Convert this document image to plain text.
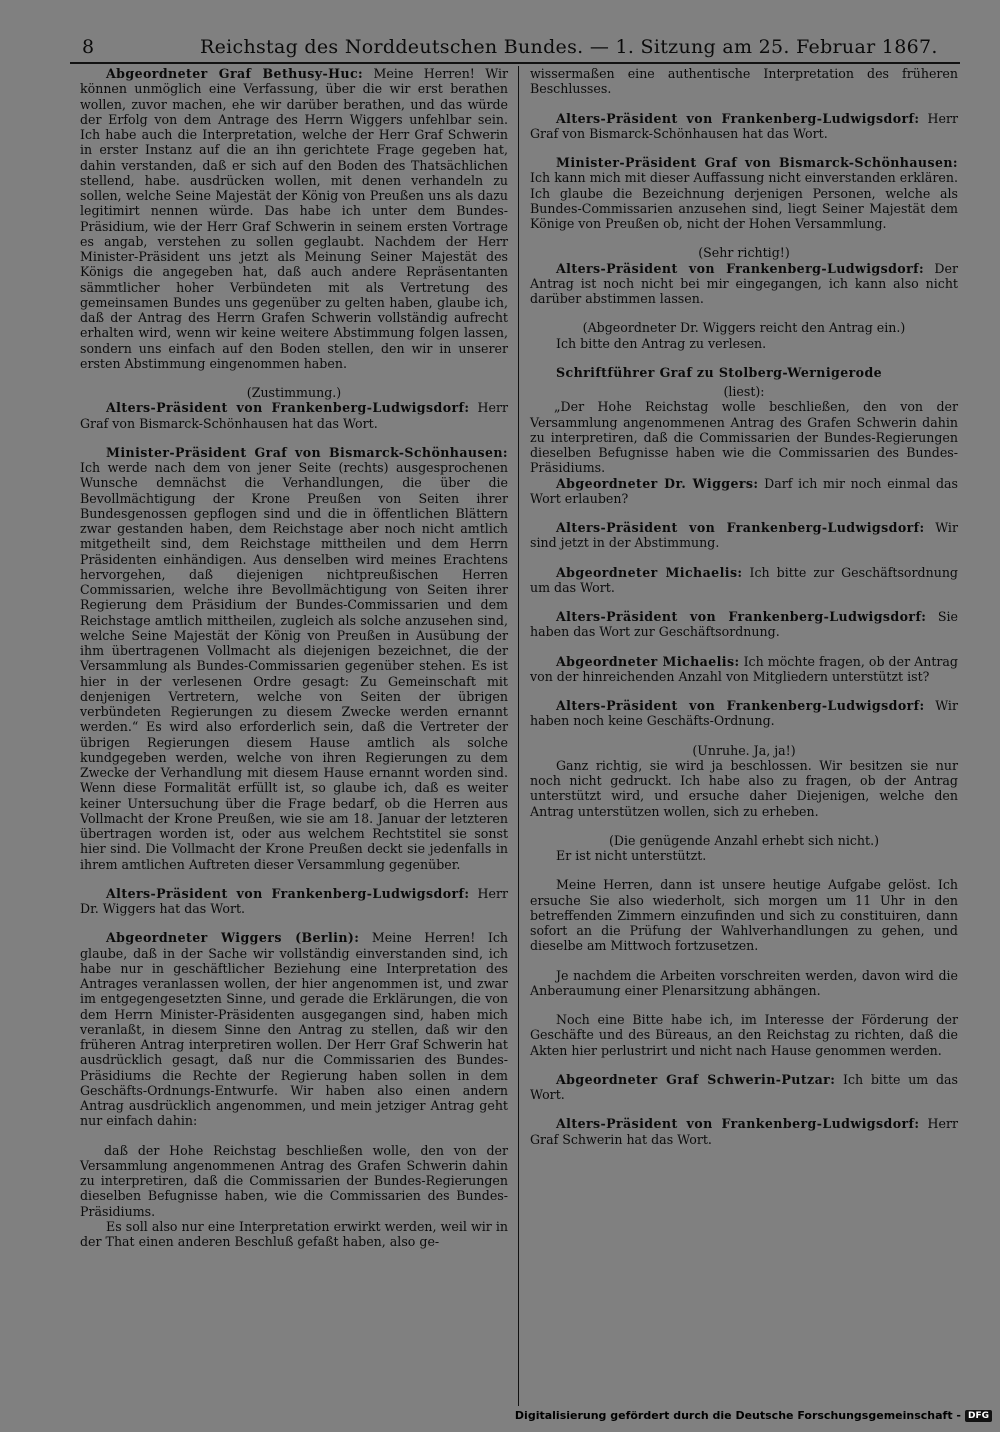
8	Reichstag des Norddeutschen Bundes. — 1. Sitzung am 25. Februar 1867.

Abgeordneter Graf Bethusy-Huc: Meine Herren! Wir können unmöglich eine Verfassung, über die wir erst berathen wollen, zuvor machen, ehe wir darüber berathen, und das würde der Erfolg von dem Antrage des Herrn Wiggers unfehlbar sein. Ich habe auch die Interpretation, welche der Herr Graf Schwerin in erster Instanz auf die an ihn gerichtete Frage gegeben hat, dahin verstanden, daß er sich auf den Boden des Thatsächlichen stellend, habe. ausdrücken wollen, mit denen verhandeln zu sollen, welche Seine Majestät der König von Preußen uns als dazu legitimirt nennen würde. Das habe ich unter dem Bundes-Präsidium, wie der Herr Graf Schwerin in seinem ersten Vortrage es angab, verstehen zu sollen geglaubt. Nachdem der Herr Minister-Präsident uns jetzt als Meinung Seiner Majestät des Königs die angegeben hat, daß auch andere Repräsentanten sämmtlicher hoher Verbündeten mit als Vertretung des gemeinsamen Bundes uns gegenüber zu gelten haben, glaube ich, daß der Antrag des Herrn Grafen Schwerin vollständig aufrecht erhalten wird, wenn wir keine weitere Abstimmung folgen lassen, sondern uns einfach auf den Boden stellen, den wir in unserer ersten Abstimmung eingenommen haben.

(Zustimmung.)

Alters-Präsident von Frankenberg-Ludwigsdorf: Herr Graf von Bismarck-Schönhausen hat das Wort.

Minister-Präsident Graf von Bismarck-Schönhausen: Ich werde nach dem von jener Seite (rechts) ausgesprochenen Wunsche demnächst die Verhandlungen, die über die Bevollmächtigung der Krone Preußen von Seiten ihrer Bundesgenossen gepflogen sind und die in öffentlichen Blättern zwar gestanden haben, dem Reichstage aber noch nicht amtlich mitgetheilt sind, dem Reichstage mittheilen und dem Herrn Präsidenten einhändigen. Aus denselben wird meines Erachtens hervorgehen, daß diejenigen nichtpreußischen Herren Commissarien, welche ihre Bevollmächtigung von Seiten ihrer Regierung dem Präsidium der Bundes-Commissarien und dem Reichstage amtlich mittheilen, zugleich als solche anzusehen sind, welche Seine Majestät der König von Preußen in Ausübung der ihm übertragenen Vollmacht als diejenigen bezeichnet, die der Versammlung als Bundes-Commissarien gegenüber stehen. Es ist hier in der verlesenen Ordre gesagt: Zu Gemeinschaft mit denjenigen Vertretern, welche von Seiten der übrigen verbündeten Regierungen zu diesem Zwecke werden ernannt werden.“ Es wird also erforderlich sein, daß die Vertreter der übrigen Regierungen diesem Hause amtlich als solche kundgegeben werden, welche von ihren Regierungen zu dem Zwecke der Verhandlung mit diesem Hause ernannt worden sind. Wenn diese Formalität erfüllt ist, so glaube ich, daß es weiter keiner Untersuchung über die Frage bedarf, ob die Herren aus Vollmacht der Krone Preußen, wie sie am 18. Januar der letzteren übertragen worden ist, oder aus welchem Rechtstitel sie sonst hier sind. Die Vollmacht der Krone Preußen deckt sie jedenfalls in ihrem amtlichen Auftreten dieser Versammlung gegenüber.

Alters-Präsident von Frankenberg-Ludwigsdorf: Herr Dr. Wiggers hat das Wort.

Abgeordneter Wiggers (Berlin): Meine Herren! Ich glaube, daß in der Sache wir vollständig einverstanden sind, ich habe nur in geschäftlicher Beziehung eine Interpretation des Antrages veranlassen wollen, der hier angenommen ist, und zwar im entgegengesetzten Sinne, und gerade die Erklärungen, die von dem Herrn Minister-Präsidenten ausgegangen sind, haben mich veranlaßt, in diesem Sinne den Antrag zu stellen, daß wir den früheren Antrag interpretiren wollen. Der Herr Graf Schwerin hat ausdrücklich gesagt, daß nur die Commissarien des Bundes-Präsidiums die Rechte der Regierung haben sollen in dem Geschäfts-Ordnungs-Entwurfe. Wir haben also einen andern Antrag ausdrücklich angenommen, und mein jetziger Antrag geht nur einfach dahin:

daß der Hohe Reichstag beschließen wolle, den von der Versammlung angenommenen Antrag des Grafen Schwerin dahin zu interpretiren, daß die Commissarien der Bundes-Regierungen dieselben Befugnisse haben, wie die Commissarien des Bundes-Präsidiums.

Es soll also nur eine Interpretation erwirkt werden, weil wir in der That einen anderen Beschluß gefaßt haben, also ge-

wissermaßen eine authentische Interpretation des früheren Beschlusses.

Alters-Präsident von Frankenberg-Ludwigsdorf: Herr Graf von Bismarck-Schönhausen hat das Wort.

Minister-Präsident Graf von Bismarck-Schönhausen: Ich kann mich mit dieser Auffassung nicht einverstanden erklären. Ich glaube die Bezeichnung derjenigen Personen, welche als Bundes-Commissarien anzusehen sind, liegt Seiner Majestät dem Könige von Preußen ob, nicht der Hohen Versammlung.

(Sehr richtig!)

Alters-Präsident von Frankenberg-Ludwigsdorf: Der Antrag ist noch nicht bei mir eingegangen, ich kann also nicht darüber abstimmen lassen.

(Abgeordneter Dr. Wiggers reicht den Antrag ein.)

Ich bitte den Antrag zu verlesen.

Schriftführer Graf zu Stolberg-Wernigerode

(liest):

„Der Hohe Reichstag wolle beschließen, den von der Versammlung angenommenen Antrag des Grafen Schwerin dahin zu interpretiren, daß die Commissarien der Bundes-Regierungen dieselben Befugnisse haben wie die Commissarien des Bundes-Präsidiums.

Abgeordneter Dr. Wiggers: Darf ich mir noch einmal das Wort erlauben?

Alters-Präsident von Frankenberg-Ludwigsdorf: Wir sind jetzt in der Abstimmung.

Abgeordneter Michaelis: Ich bitte zur Geschäftsordnung um das Wort.

Alters-Präsident von Frankenberg-Ludwigsdorf: Sie haben das Wort zur Geschäftsordnung.

Abgeordneter Michaelis: Ich möchte fragen, ob der Antrag von der hinreichenden Anzahl von Mitgliedern unterstützt ist?

Alters-Präsident von Frankenberg-Ludwigsdorf: Wir haben noch keine Geschäfts-Ordnung.

(Unruhe. Ja, ja!)

Ganz richtig, sie wird ja beschlossen. Wir besitzen sie nur noch nicht gedruckt. Ich habe also zu fragen, ob der Antrag unterstützt wird, und ersuche daher Diejenigen, welche den Antrag unterstützen wollen, sich zu erheben.

(Die genügende Anzahl erhebt sich nicht.)

Er ist nicht unterstützt.

Meine Herren, dann ist unsere heutige Aufgabe gelöst. Ich ersuche Sie also wiederholt, sich morgen um 11 Uhr in den betreffenden Zimmern einzufinden und sich zu constituiren, dann sofort an die Prüfung der Wahlverhandlungen zu gehen, und dieselbe am Mittwoch fortzusetzen.

Je nachdem die Arbeiten vorschreiten werden, davon wird die Anberaumung einer Plenarsitzung abhängen.

Noch eine Bitte habe ich, im Interesse der Förderung der Geschäfte und des Büreaus, an den Reichstag zu richten, daß die Akten hier perlustrirt und nicht nach Hause genommen werden.

Abgeordneter Graf Schwerin-Putzar: Ich bitte um das Wort.

Alters-Präsident von Frankenberg-Ludwigsdorf: Herr Graf Schwerin hat das Wort.

Digitalisierung gefördert durch die Deutsche Forschungsgemeinschaft - DFG
